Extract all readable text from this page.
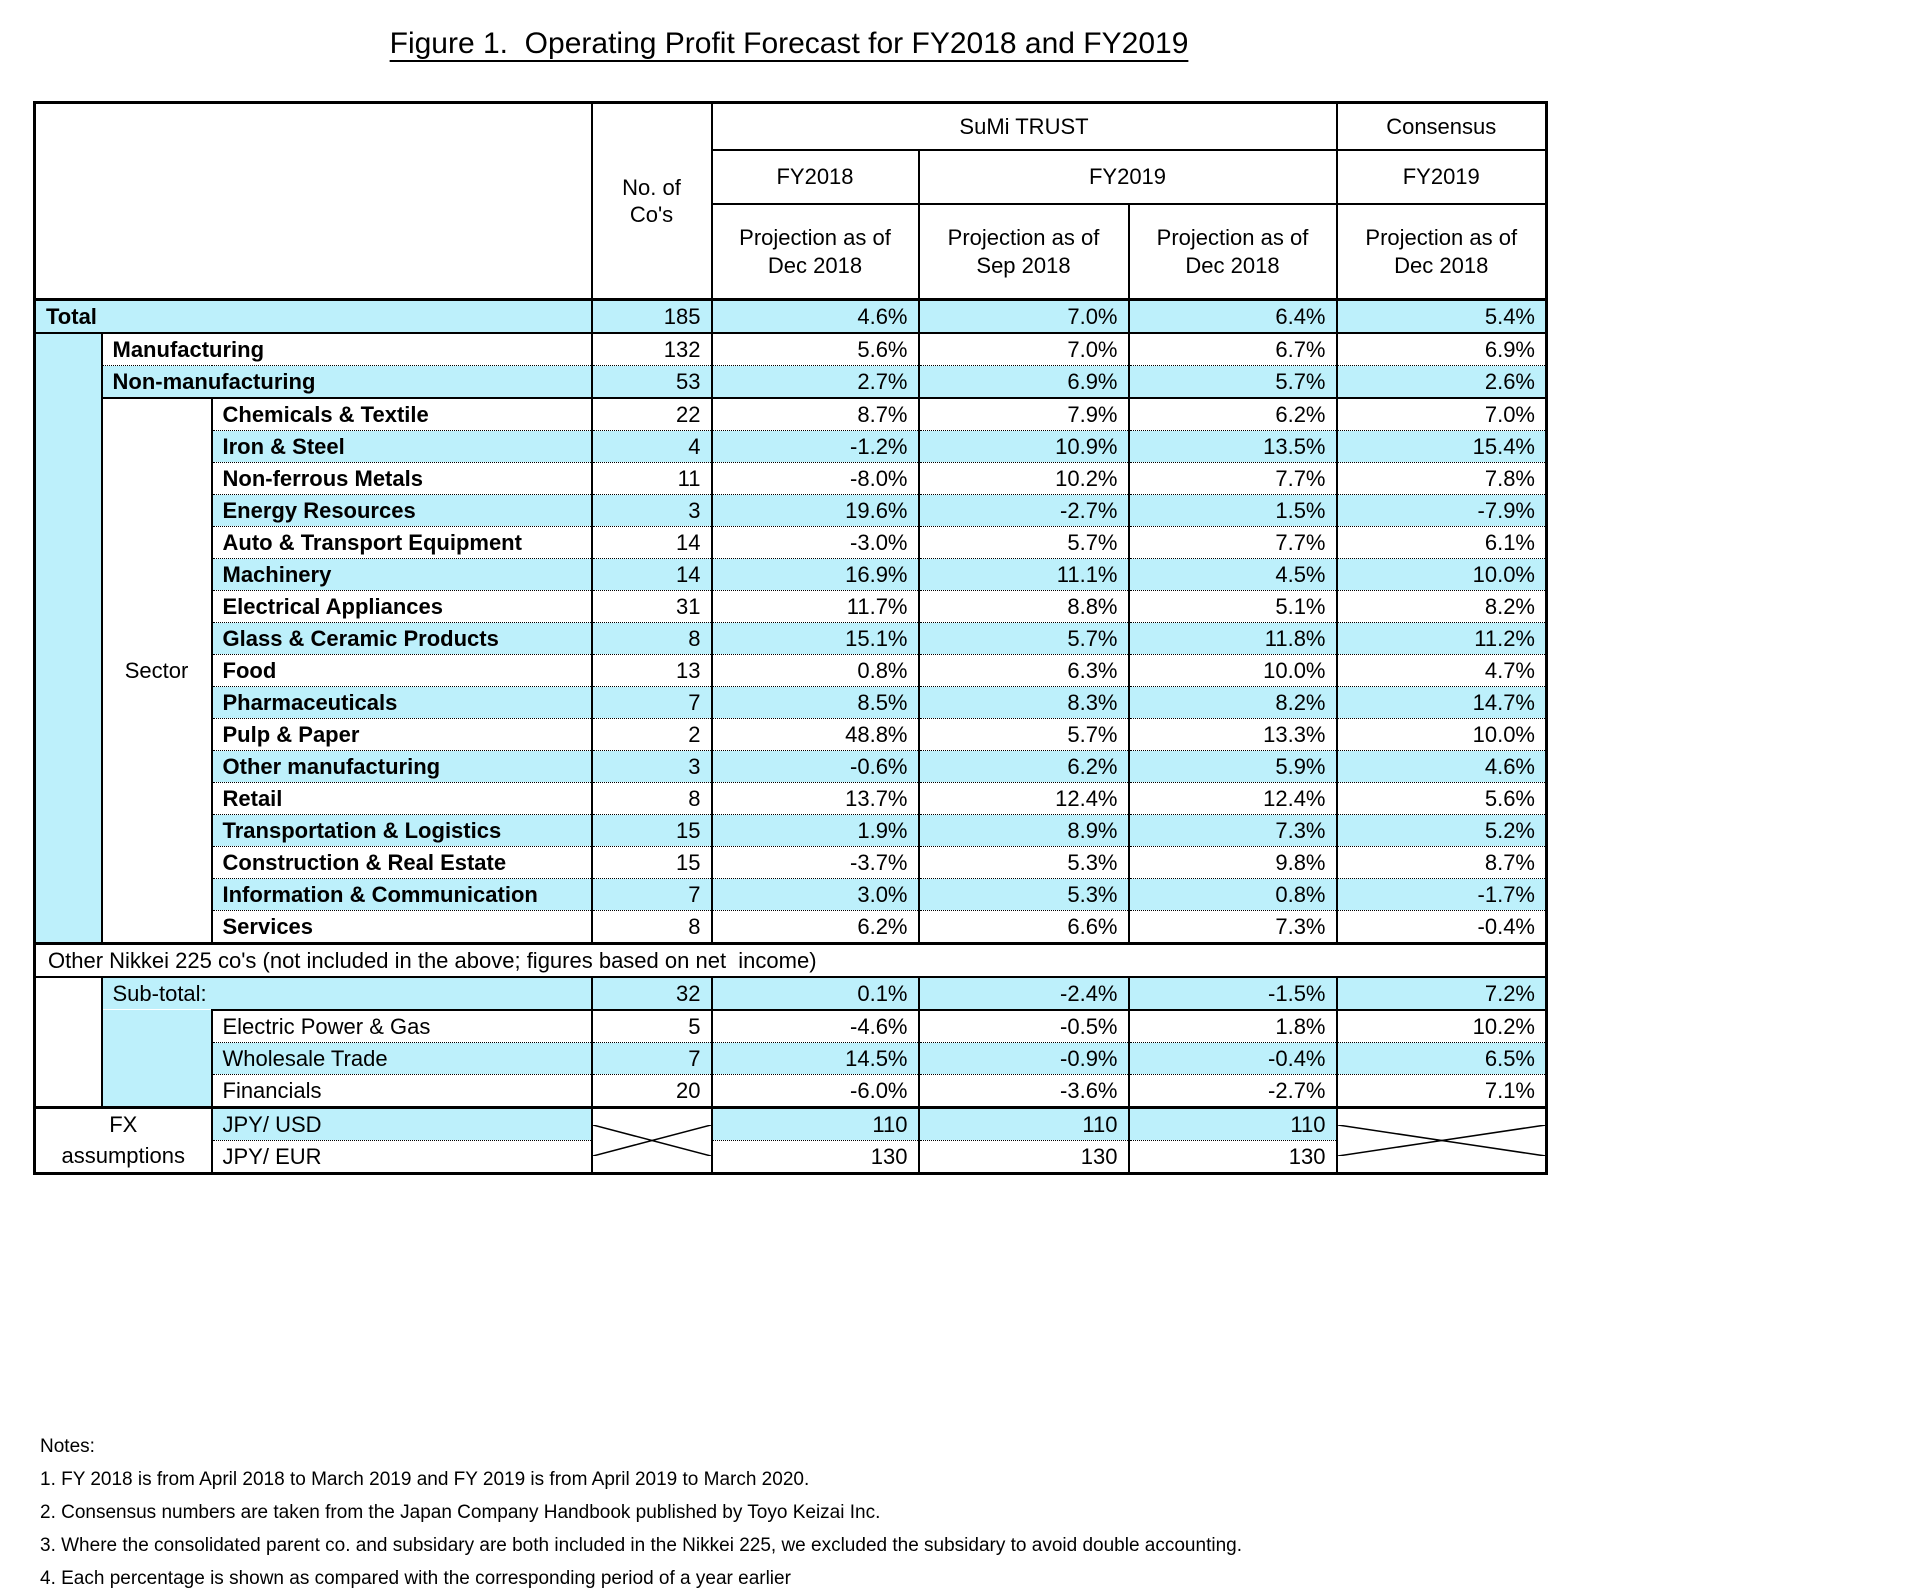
Figure 1.  Operating Profit Forecast for FY2018 and FY2019
			No. of Co's	SuMi TRUST			Consensus
				FY2018	FY2019		FY2019
				Projection as of Dec 2018	Projection as of Sep 2018	Projection as of Dec 2018	Projection as of Dec 2018
Total			185	4.6%	7.0%	6.4%	5.4%
	Manufacturing		132	5.6%	7.0%	6.7%	6.9%
	Non-manufacturing		53	2.7%	6.9%	5.7%	2.6%
	Sector	Chemicals & Textile	22	8.7%	7.9%	6.2%	7.0%
		Iron & Steel	4	-1.2%	10.9%	13.5%	15.4%
		Non-ferrous Metals	11	-8.0%	10.2%	7.7%	7.8%
		Energy Resources	3	19.6%	-2.7%	1.5%	-7.9%
		Auto & Transport Equipment	14	-3.0%	5.7%	7.7%	6.1%
		Machinery	14	16.9%	11.1%	4.5%	10.0%
		Electrical Appliances	31	11.7%	8.8%	5.1%	8.2%
		Glass & Ceramic Products	8	15.1%	5.7%	11.8%	11.2%
		Food	13	0.8%	6.3%	10.0%	4.7%
		Pharmaceuticals	7	8.5%	8.3%	8.2%	14.7%
		Pulp & Paper	2	48.8%	5.7%	13.3%	10.0%
		Other manufacturing	3	-0.6%	6.2%	5.9%	4.6%
		Retail	8	13.7%	12.4%	12.4%	5.6%
		Transportation & Logistics	15	1.9%	8.9%	7.3%	5.2%
		Construction & Real Estate	15	-3.7%	5.3%	9.8%	8.7%
		Information & Communication	7	3.0%	5.3%	0.8%	-1.7%
		Services	8	6.2%	6.6%	7.3%	-0.4%
Other Nikkei 225 co's (not included in the above; figures based on net  income)							
	Sub-total:		32	0.1%	-2.4%	-1.5%	7.2%
		Electric Power & Gas	5	-4.6%	-0.5%	1.8%	10.2%
		Wholesale Trade	7	14.5%	-0.9%	-0.4%	6.5%
		Financials	20	-6.0%	-3.6%	-2.7%	7.1%

FX
assumptions		JPY/ USD		110	110	110	

		JPY/ EUR		130	130	130	
Notes:
1. FY 2018 is from April 2018 to March 2019 and FY 2019 is from April 2019 to March 2020.
2. Consensus numbers are taken from the Japan Company Handbook published by Toyo Keizai Inc.
3. Where the consolidated parent co. and subsidary are both included in the Nikkei 225, we excluded the subsidary to avoid double accounting.
4. Each percentage is shown as compared with the corresponding period of a year earlier
